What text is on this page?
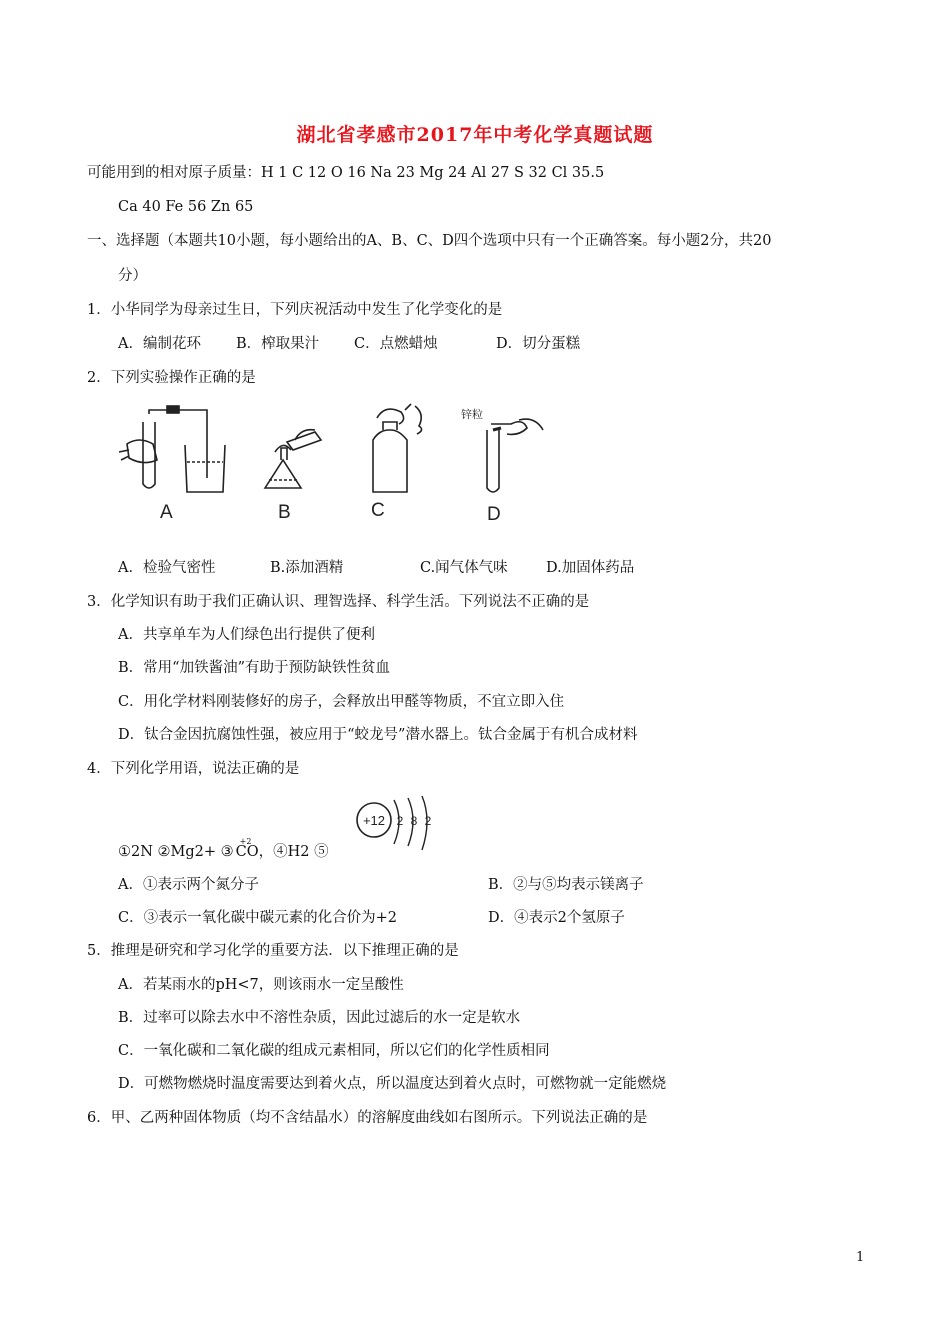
湖北省孝感市2017年中考化学真题试题
可能用到的相对原子质量：H 1 C 12 O 16 Na 23 Mg 24 Al 27 S 32 Cl 35.5
Ca 40 Fe 56 Zn 65
一、选择题（本题共10小题，每小题给出的A、B、C、D四个选项中只有一个正确答案。每小题2分，共20
分）
1．小华同学为母亲过生日，下列庆祝活动中发生了化学变化的是
A．编制花环 B．榨取果汁 C．点燃蜡烛	D．切分蛋糕
2．下列实验操作正确的是
锌粒
A	B	C	D
A．检验气密性	B.添加酒精	C.闻气体气味	D.加固体药品
3．化学知识有助于我们正确认识、理智选择、科学生活。下列说法不正确的是
A．共享单车为人们绿色出行提供了便利
B．常用“加铁酱油”有助于预防缺铁性贫血
C．用化学材料刚装修好的房子，会释放出甲醛等物质，不宜立即入住
D．钛合金因抗腐蚀性强，被应用于“蛟龙号”潜水器上。钛合金属于有机合成材料
4．下列化学用语，说法正确的是
+12 2 8 2
①2N ②Mg2+ ③
+2
CO，④H2 ⑤
A．①表示两个氮分子	B．②与⑤均表示镁离子
C．③表示一氧化碳中碳元素的化合价为+2	D．④表示2个氢原子
5．推理是研究和学习化学的重要方法．以下推理正确的是
A．若某雨水的pH<7，则该雨水一定呈酸性
B．过率可以除去水中不溶性杂质，因此过滤后的水一定是软水
C．一氧化碳和二氧化碳的组成元素相同，所以它们的化学性质相同
D．可燃物燃烧时温度需要达到着火点，所以温度达到着火点时，可燃物就一定能燃烧
6．甲、乙两种固体物质（均不含结晶水）的溶解度曲线如右图所示。下列说法正确的是
1
